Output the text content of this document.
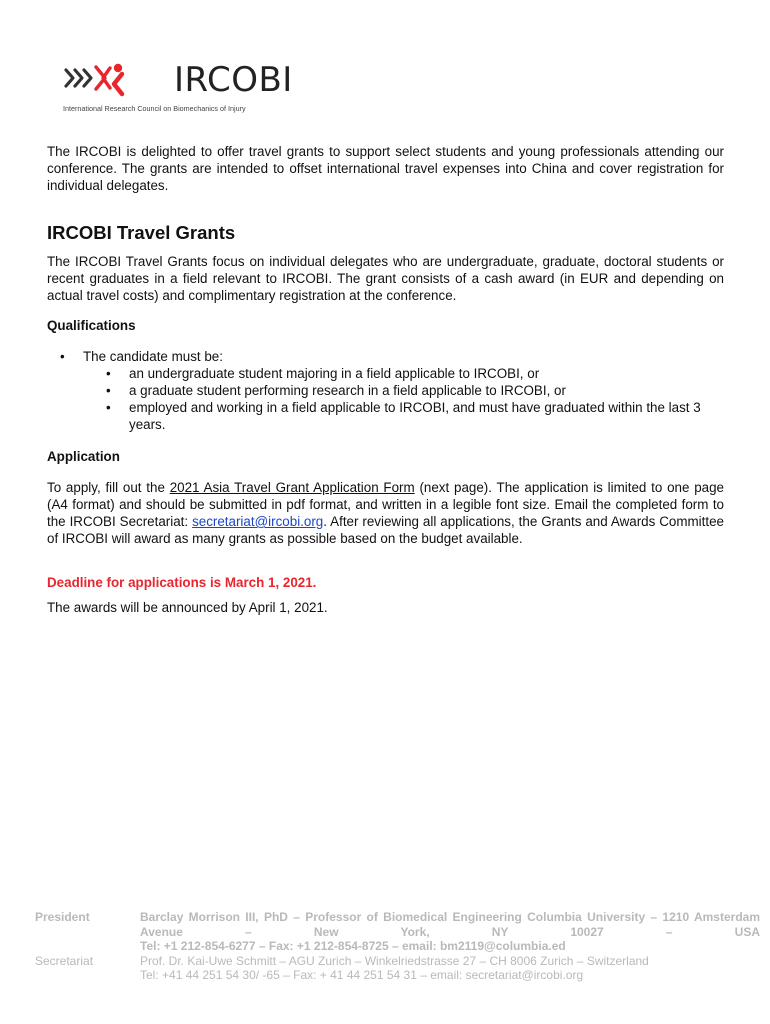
IRCOBI
International Research Council on Biomechanics of Injury

The IRCOBI is delighted to offer travel grants to support select students and young professionals attending our conference. The grants are intended to offset international travel expenses into China and cover registration for individual delegates.

IRCOBI Travel Grants

The IRCOBI Travel Grants focus on individual delegates who are undergraduate, graduate, doctoral students or recent graduates in a field relevant to IRCOBI. The grant consists of a cash award (in EUR and depending on actual travel costs) and complimentary registration at the conference.

Qualifications
• The candidate must be:
• an undergraduate student majoring in a field applicable to IRCOBI, or
• a graduate student performing research in a field applicable to IRCOBI, or
• employed and working in a field applicable to IRCOBI, and must have graduated within the last 3 years.
Application

To apply, fill out the 2021 Asia Travel Grant Application Form (next page). The application is limited to one page (A4 format) and should be submitted in pdf format, and written in a legible font size. Email the completed form to the IRCOBI Secretariat: secretariat@ircobi.org. After reviewing all applications, the Grants and Awards Committee of IRCOBI will award as many grants as possible based on the budget available.

Deadline for applications is March 1, 2021.

The awards will be announced by April 1, 2021.

President	Barclay Morrison III, PhD – Professor of Biomedical Engineering Columbia University – 1210 Amsterdam Avenue – New York, NY 10027 – USA
Tel: +1 212-854-6277 – Fax: +1 212-854-8725 – email: bm2119@columbia.ed
Secretariat	Prof. Dr. Kai-Uwe Schmitt – AGU Zurich – Winkelriedstrasse 27 – CH 8006 Zurich – Switzerland
Tel: +41 44 251 54 30/ -65 – Fax: + 41 44 251 54 31 – email: secretariat@ircobi.org
